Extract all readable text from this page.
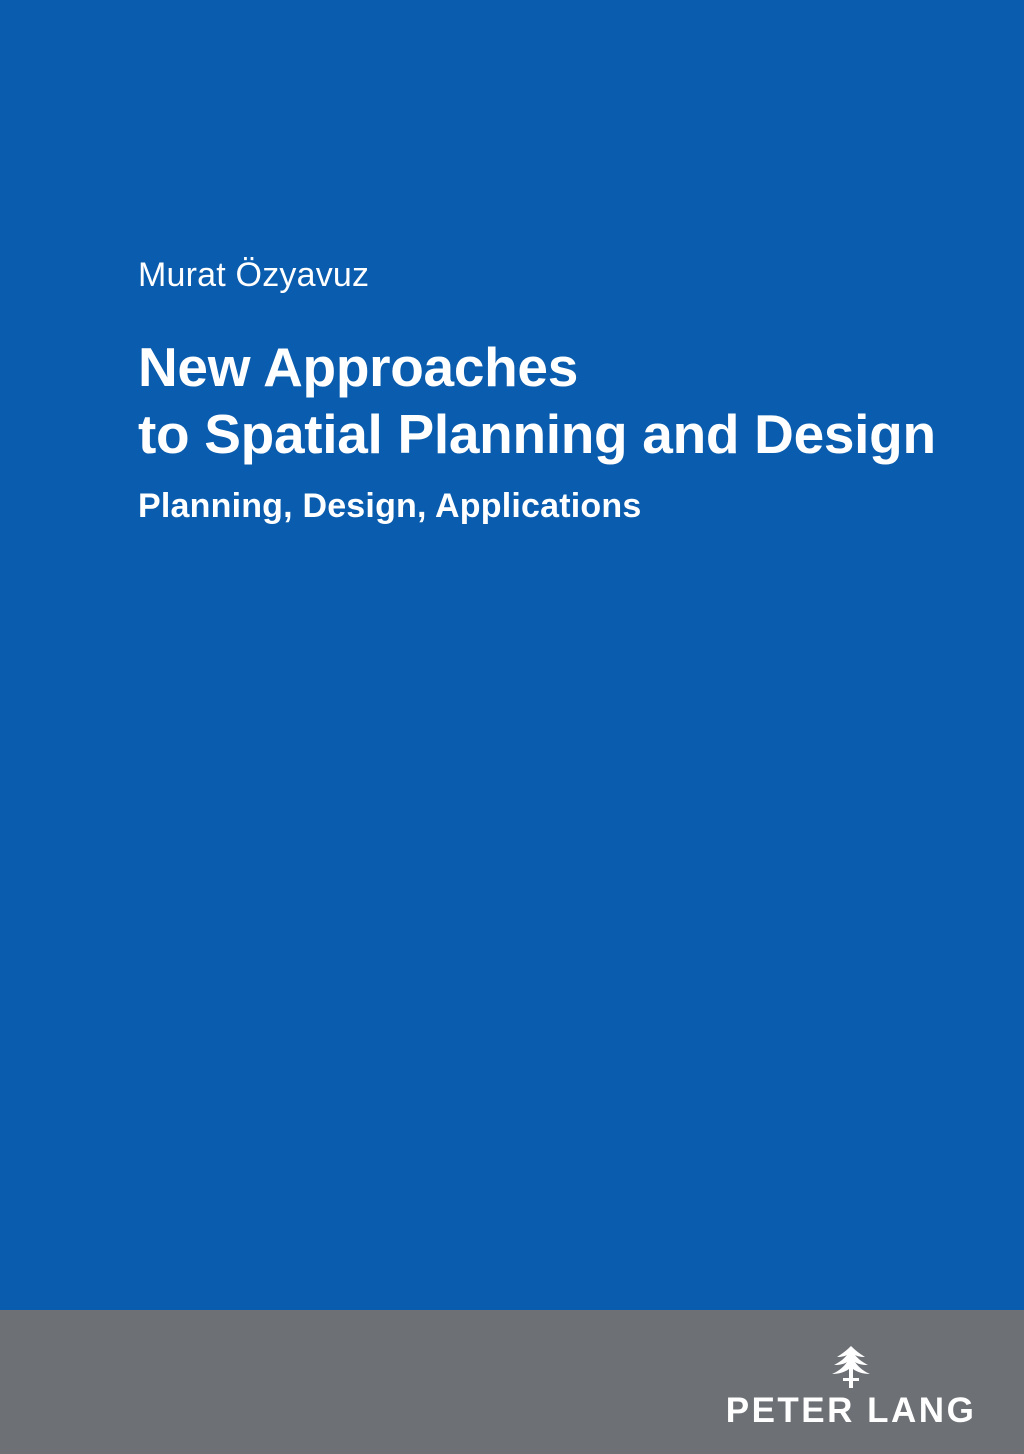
Murat Özyavuz

New Approaches
to Spatial Planning and Design

Planning, Design, Applications

PETER LANG
